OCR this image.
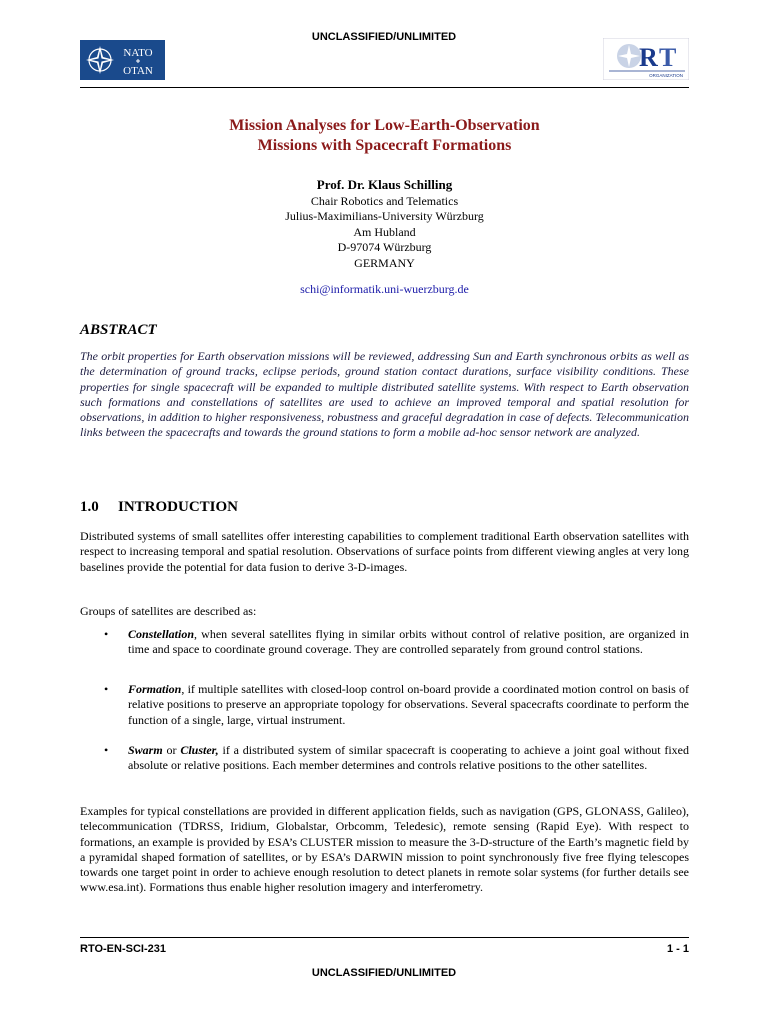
UNCLASSIFIED/UNLIMITED
NATO
OTAN	R T
ORGANIZATION
Mission Analyses for Low-Earth-Observation
Missions with Spacecraft Formations
Prof. Dr. Klaus Schilling
Chair Robotics and Telematics
Julius-Maximilians-University Würzburg
Am Hubland
D-97074 Würzburg
GERMANY
schi@informatik.uni-wuerzburg.de
ABSTRACT
The orbit properties for Earth observation missions will be reviewed, addressing Sun and Earth synchronous orbits as well as the determination of ground tracks, eclipse periods, ground station contact durations, surface visibility conditions. These properties for single spacecraft will be expanded to multiple distributed satellite systems. With respect to Earth observation such formations and constellations of satellites are used to achieve an improved temporal and spatial resolution for observations, in addition to higher responsiveness, robustness and graceful degradation in case of defects. Telecommunication links between the spacecrafts and towards the ground stations to form a mobile ad-hoc sensor network are analyzed.
1.0 INTRODUCTION
Distributed systems of small satellites offer interesting capabilities to complement traditional Earth observation satellites with respect to increasing temporal and spatial resolution. Observations of surface points from different viewing angles at very long baselines provide the potential for data fusion to derive 3-D-images.
Groups of satellites are described as:
•	Constellation, when several satellites flying in similar orbits without control of relative position, are organized in time and space to coordinate ground coverage. They are controlled separately from ground control stations.
•	Formation, if multiple satellites with closed-loop control on-board provide a coordinated motion control on basis of relative positions to preserve an appropriate topology for observations. Several spacecrafts coordinate to perform the function of a single, large, virtual instrument.
•	Swarm or Cluster, if a distributed system of similar spacecraft is cooperating to achieve a joint goal without fixed absolute or relative positions. Each member determines and controls relative positions to the other satellites.
Examples for typical constellations are provided in different application fields, such as navigation (GPS, GLONASS, Galileo), telecommunication (TDRSS, Iridium, Globalstar, Orbcomm, Teledesic), remote sensing (Rapid Eye). With respect to formations, an example is provided by ESA’s CLUSTER mission to measure the 3-D-structure of the Earth’s magnetic field by a pyramidal shaped formation of satellites, or by ESA’s DARWIN mission to point synchronously five free flying telescopes towards one target point in order to achieve enough resolution to detect planets in remote solar systems (for further details see www.esa.int). Formations thus enable higher resolution imagery and interferometry.
RTO-EN-SCI-231	1 - 1
UNCLASSIFIED/UNLIMITED
